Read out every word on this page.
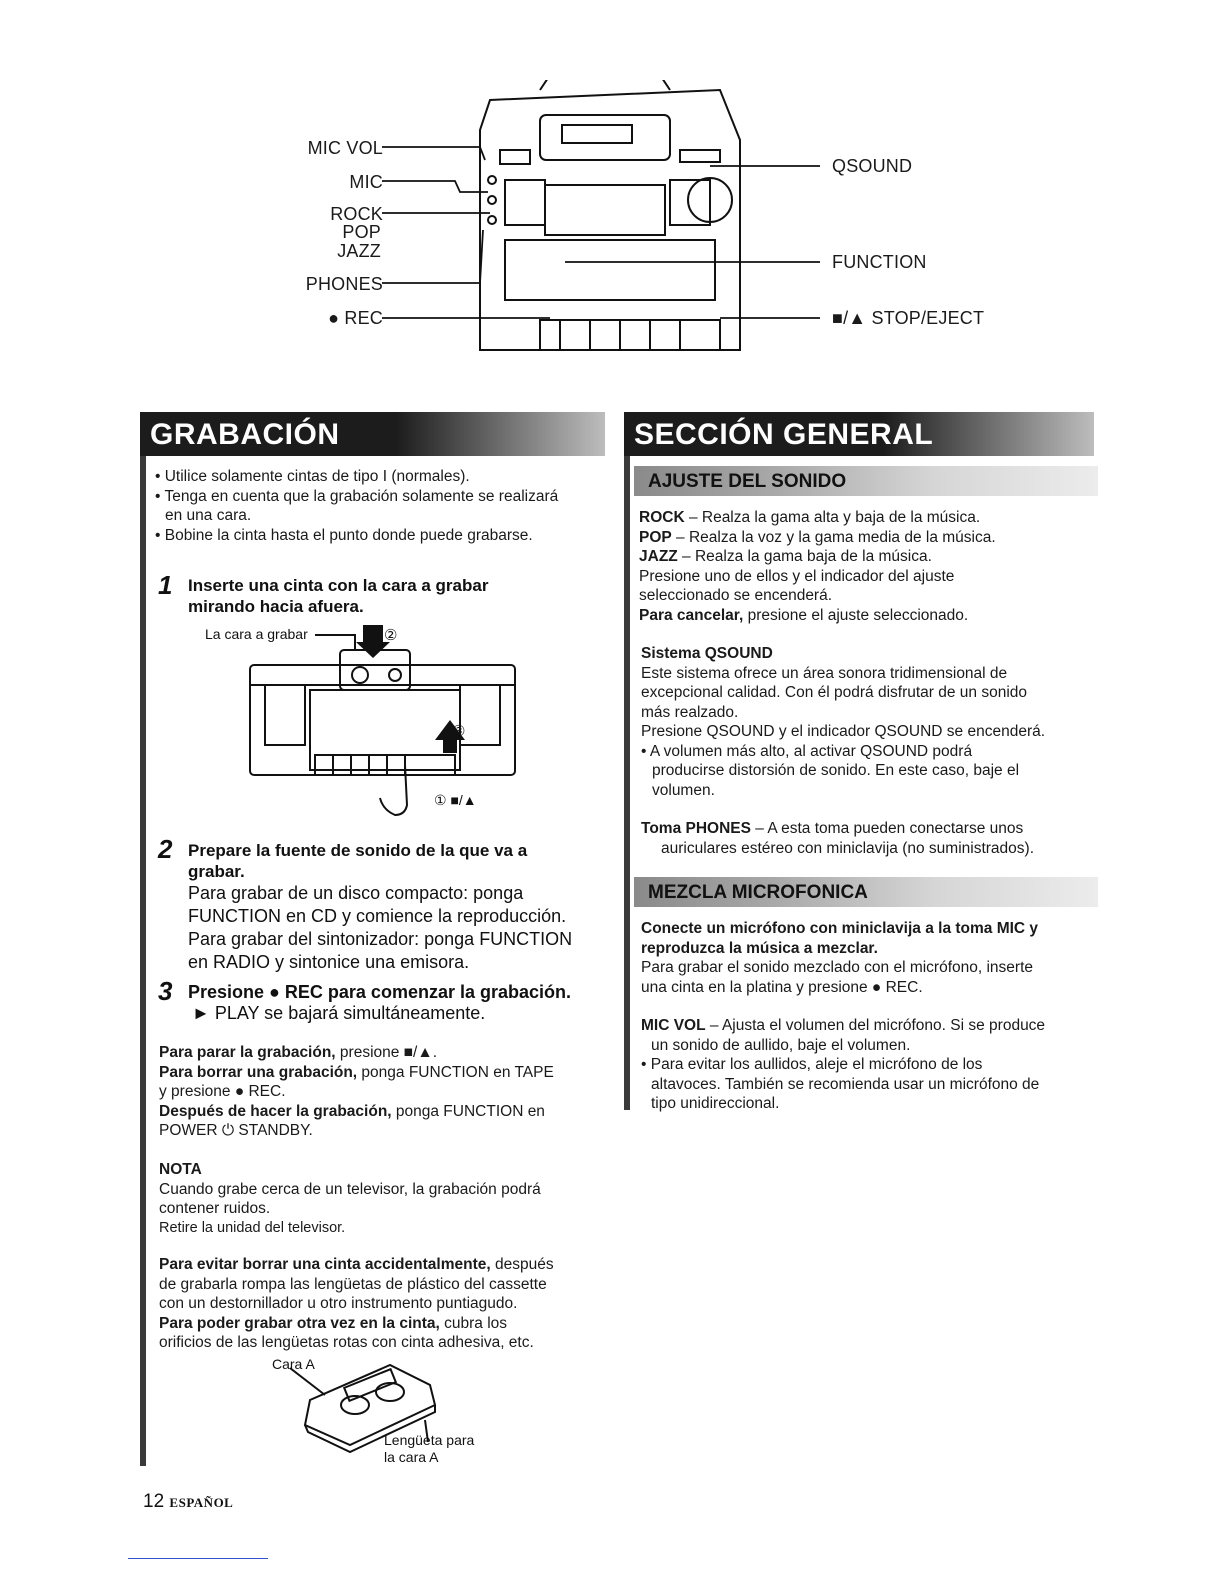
MIC VOL
MIC
ROCK
POP
JAZZ
PHONES
● REC
QSOUND
FUNCTION
■/▲ STOP/EJECT
GRABACIÓN

• Utilice solamente cintas de tipo I (normales).

• Tenga en cuenta que la grabación solamente se realizará

en una cara.

• Bobine la cinta hasta el punto donde puede grabarse.

1 Inserte una cinta con la cara a grabar
mirando hacia afuera.
La cara a grabar	②
③
① ■/▲
2 Prepare la fuente de sonido de la que va a
grabar.
Para grabar de un disco compacto: ponga
FUNCTION en CD y comience la reproducción.
Para grabar del sintonizador: ponga FUNCTION
en RADIO y sintonice una emisora.
3 Presione ● REC para comenzar la grabación.
► PLAY se bajará simultáneamente.

Para parar la grabación, presione ■/▲.

Para borrar una grabación, ponga FUNCTION en TAPE

y presione ● REC.

Después de hacer la grabación, ponga FUNCTION en

POWER ⏻ STANDBY.

NOTA

Cuando grabe cerca de un televisor, la grabación podrá

contener ruidos.

Retire la unidad del televisor.

Para evitar borrar una cinta accidentalmente, después

de grabarla rompa las lengüetas de plástico del cassette

con un destornillador u otro instrumento puntiagudo.

Para poder grabar otra vez en la cinta, cubra los

orificios de las lengüetas rotas con cinta adhesiva, etc.

Cara A
Lengüeta para
la cara A
SECCIÓN GENERAL
AJUSTE DEL SONIDO

ROCK – Realza la gama alta y baja de la música.

POP – Realza la voz y la gama media de la música.

JAZZ – Realza la gama baja de la música.

Presione uno de ellos y el indicador del ajuste

seleccionado se encenderá.

Para cancelar, presione el ajuste seleccionado.

Sistema QSOUND

Este sistema ofrece un área sonora tridimensional de

excepcional calidad. Con él podrá disfrutar de un sonido

más realzado.

Presione QSOUND y el indicador QSOUND se encenderá.

• A volumen más alto, al activar QSOUND podrá

producirse distorsión de sonido. En este caso, baje el

volumen.

Toma PHONES – A esta toma pueden conectarse unos

auriculares estéreo con miniclavija (no suministrados).

MEZCLA MICROFONICA

Conecte un micrófono con miniclavija a la toma MIC y

reproduzca la música a mezclar.

Para grabar el sonido mezclado con el micrófono, inserte

una cinta en la platina y presione ● REC.

MIC VOL – Ajusta el volumen del micrófono. Si se produce

un sonido de aullido, baje el volumen.

• Para evitar los aullidos, aleje el micrófono de los

altavoces. También se recomienda usar un micrófono de

tipo unidireccional.

12 ESPAÑOL
